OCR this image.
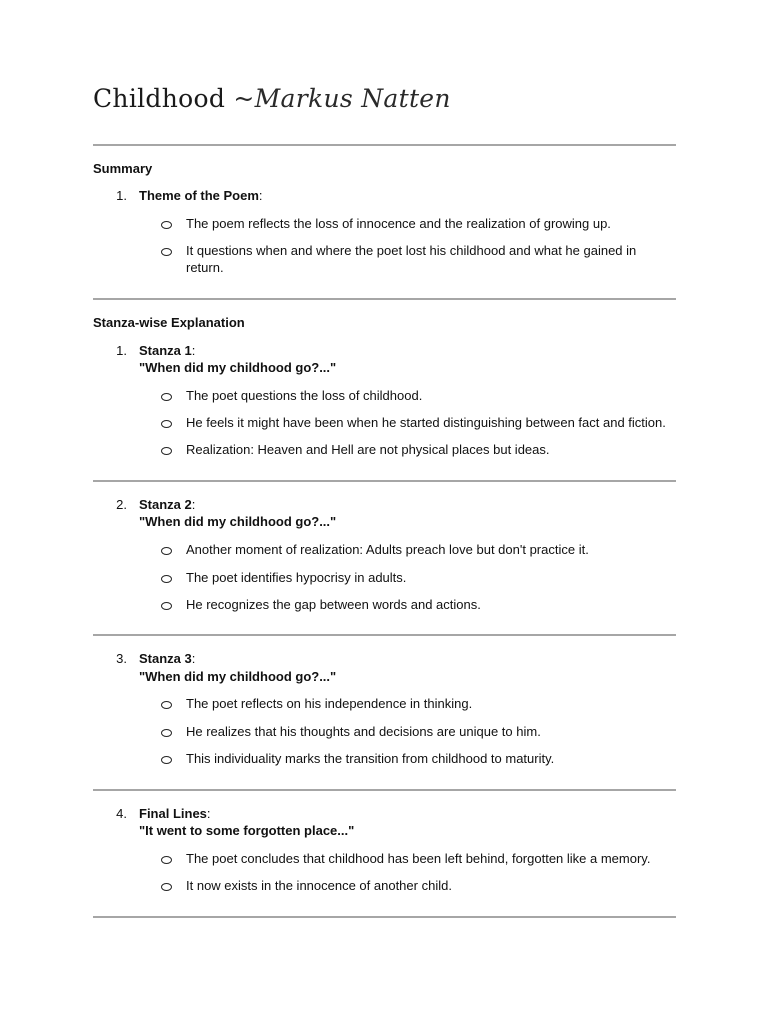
Childhood ~Markus Natten
Summary
1. Theme of the Poem:
The poem reflects the loss of innocence and the realization of growing up.
It questions when and where the poet lost his childhood and what he gained in
return.
Stanza-wise Explanation
1. Stanza 1:
"When did my childhood go?..."
The poet questions the loss of childhood.
He feels it might have been when he started distinguishing between fact and fiction.
Realization: Heaven and Hell are not physical places but ideas.
2. Stanza 2:
"When did my childhood go?..."
Another moment of realization: Adults preach love but don't practice it.
The poet identifies hypocrisy in adults.
He recognizes the gap between words and actions.
3. Stanza 3:
"When did my childhood go?..."
The poet reflects on his independence in thinking.
He realizes that his thoughts and decisions are unique to him.
This individuality marks the transition from childhood to maturity.
4. Final Lines:
"It went to some forgotten place..."
The poet concludes that childhood has been left behind, forgotten like a memory.
It now exists in the innocence of another child.
